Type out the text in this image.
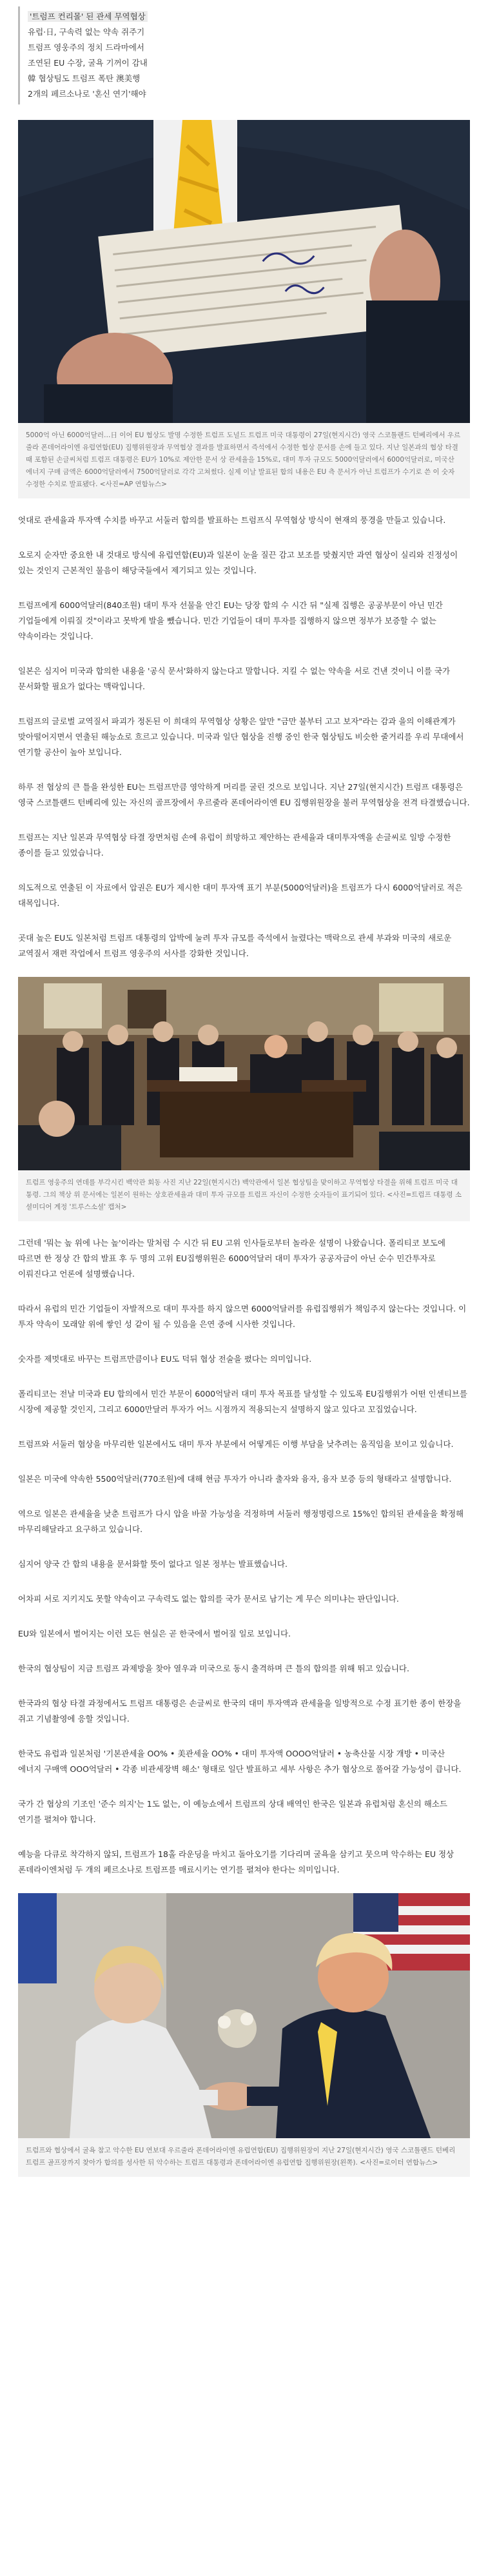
'트럼프 컨리몰' 된 관세 무역협상
유럽·日, 구속력 없는 약속 쥐주기
트럼프 영웅주의 정치 드라마에서
조연된 EU 수장, 굴욕 기꺼이 감내
韓 협상팀도 트럼프 폭탄 澳美행
2개의 페르소나로 '혼신 연기'해야
5000억 아닌 6000억달러…日 이어 EU 협상도 발명 수정한 트럼프 도널드 트럼프 미국 대통령이 27일(현지시간) 영국 스코틀랜드 턴베리에서 우르줄라 폰데어라이엔 유럽연합(EU) 집행위원장과 무역협상 결과를 발표하면서 즉석에서 수정한 협상 문서를 손에 들고 있다. 지난 일본과의 협상 타결 때 포함된 손글씨처럼 트럼프 대통령은 EU가 10%로 제안한 문서 상 관세율을 15%로, 대미 투자 규모도 5000억달러에서 6000억달러로, 미국산 에너지 구매 금액은 6000억달러에서 7500억달러로 각각 고쳐썼다. 실제 이날 발표된 합의 내용은 EU 측 문서가 아닌 트럼프가 수기로 쓴 이 숫자 수정한 수치로 발표됐다. <사진=AP 연합뉴스>

엇대로 관세율과 투자액 수치를 바꾸고 서둘러 합의를 발표하는 트럼프식 무역협상 방식이 현재의 풍경을 만들고 있습니다.

오로지 순자만 중요한 내 것대로 방식에 유럽연합(EU)과 일본이 눈을 질끈 감고 보조를 맞췄지만 과연 협상이 실리와 진정성이 있는 것인지 근본적인 물음이 해당국들에서 제기되고 있는 것입니다.

트럼프에게 6000억달러(840조원) 대미 투자 선물을 안긴 EU는 당장 합의 수 시간 뒤 "실제 집행은 공공부문이 아닌 민간 기업들에게 이뤄질 것"이라고 못박게 발을 뺐습니다. 민간 기업들이 대미 투자를 집행하지 않으면 정부가 보증할 수 없는 약속이라는 것입니다.

일본은 심지어 미국과 합의한 내용을 '공식 문서'화하지 않는다고 말합니다. 지킬 수 없는 약속을 서로 건낸 것이니 이를 국가 문서화할 필요가 없다는 맥락입니다.

트럼프의 글로벌 교역질서 파괴가 정돈된 이 희대의 무역협상 상황은 앞만 "금만 불부터 고고 보자"라는 감과 을의 이해관계가 맞아떨어지면서 연출된 해능쇼로 흐르고 있습니다. 미국과 일단 협상을 진행 중인 한국 협상팀도 비슷한 줄거리를 우리 무대에서 연기할 공산이 높아 보입니다.

하루 전 협상의 큰 틀을 완성한 EU는 트럼프만큼 영악하게 머리를 굴린 것으로 보입니다. 지난 27일(현지시간) 트럼프 대통령은 영국 스코틀랜드 턴베리에 있는 자신의 골프장에서 우르줄라 폰데어라이엔 EU 집행위원장을 불러 무역협상을 전격 타결했습니다.

트럼프는 지난 일본과 무역협상 타결 장면처럼 손에 유럽이 희망하고 제안하는 관세율과 대미투자액을 손글씨로 일방 수정한 종이를 들고 있었습니다.

의도적으로 연출된 이 자료에서 압권은 EU가 제시한 대미 투자액 표기 부분(5000억달러)을 트럼프가 다시 6000억달러로 적은 대목입니다.

곳대 높은 EU도 일본처럼 트럼프 대통령의 압박에 눌려 투자 규모를 즉석에서 늘렸다는 맥락으로 관세 부과와 미국의 새로운 교역질서 재편 작업에서 트럼프 영웅주의 서사를 강화한 것입니다.

트럼프 영웅주의 연데를 부각시킨 백악관 회동 사진 지난 22일(현지시간) 백악관에서 일본 협상팀을 맞이하고 무역협상 타결을 위해 트럼프 미국 대통령. 그의 책상 위 문서에는 일본이 원하는 상호관세율과 대미 투자 규모를 트럼프 자신이 수정한 숫자들이 표기되어 있다. <사진=트럼프 대통령 소셜미디어 계정 '트루스소셜' 캡처>

그런데 '뭐는 높 위에 나는 높'이라는 말처럼 수 시간 뒤 EU 고위 인사들로부터 놀라운 설명이 나왔습니다. 폴리티코 보도에 따르면 한 정상 간 합의 발표 후 두 명의 고위 EU집행위원은 6000억달러 대미 투자가 공공자금이 아닌 순수 민간투자로 이뤄진다고 언론에 설명했습니다.

따라서 유럽의 민간 기업들이 자발적으로 대미 투자를 하지 않으면 6000억달러를 유럽집행위가 책임주지 않는다는 것입니다. 이 투자 약속이 모래알 위에 쌓인 성 같이 될 수 있음을 은연 중에 시사한 것입니다.

숫자를 제멋대로 바꾸는 트럼프만큼이나 EU도 덕뒤 협상 전술을 폈다는 의미입니다.

폴리티코는 전날 미국과 EU 합의에서 민간 부문이 6000억달러 대미 투자 목표를 달성할 수 있도록 EU집행위가 어떤 인센티브를 시장에 제공할 것인지, 그리고 6000만달러 투자가 어느 시점까지 적용되는지 설명하지 않고 있다고 꼬집었습니다.

트럼프와 서둘러 협상을 마무리한 일본에서도 대미 투자 부분에서 어떻게든 이행 부담을 낮추려는 움직임을 보이고 있습니다.

일본은 미국에 약속한 5500억달러(770조원)에 대해 현금 투자가 아니라 출자와 융자, 융자 보증 등의 형태라고 설명합니다.

역으로 일본은 관세율을 낮춘 트럼프가 다시 압을 바꿀 가능성을 걱정하며 서둘러 행정명령으로 15%인 합의된 관세율을 확정해 마무리해달라고 요구하고 있습니다.

심지어 양국 간 합의 내용을 문서화할 뜻이 없다고 일본 정부는 발표했습니다.

어차피 서로 지키지도 못할 약속이고 구속력도 없는 합의를 국가 문서로 남기는 게 무슨 의미냐는 판단입니다.

EU와 일본에서 벌어지는 이런 모든 현실은 곧 한국에서 벌어질 일로 보입니다.

한국의 협상팀이 지금 트럼프 과제방을 찾아 열우과 미국으로 동시 출격하며 큰 틀의 합의를 위해 뛰고 있습니다.

한국과의 협상 타결 과정에서도 트럼프 대통령은 손글씨로 한국의 대미 투자액과 관세율을 일방적으로 수정 표기한 종이 한장을 쥐고 기념촬영에 응할 것입니다.

한국도 유럽과 일본처럼 '기본관세율 OO% • 美관세율 OO% • 대미 투자액 OOOO억달러 • 농축산물 시장 개방 • 미국산 에너지 구매액 OOO억달러 • 각종 비관세장벽 해소' 형태로 일단 발표하고 세부 사항은 추가 협상으로 풀어갈 가능성이 큽니다.

국가 간 협상의 기조인 '준수 의지'는 1도 없는, 이 예능쇼에서 트럼프의 상대 배역인 한국은 일본과 유럽처럼 혼신의 해소드 연기를 펼쳐야 합니다.

예능을 다큐로 착각하지 않되, 트럼프가 18홀 라운딩을 마치고 돌아오기를 기다리며 굴욕을 삼키고 뭇으며 악수하는 EU 정상 폰데라이엔처럼 두 개의 페르소나로 트럼프를 매료시키는 연기를 펼쳐야 한다는 의미입니다.

트럼프와 협상에서 굴욕 참고 악수한 EU 연보대 우르줄라 폰데어라이엔 유럽연합(EU) 집행위원장이 지난 27일(현지시간) 영국 스코틀랜드 턴베리 트럼프 골프장까지 찾아가 합의를 성사한 뒤 악수하는 트럼프 대통령과 폰데어라이엔 유럽연합 집행위원장(왼쪽). <사진=로이터 연합뉴스>
